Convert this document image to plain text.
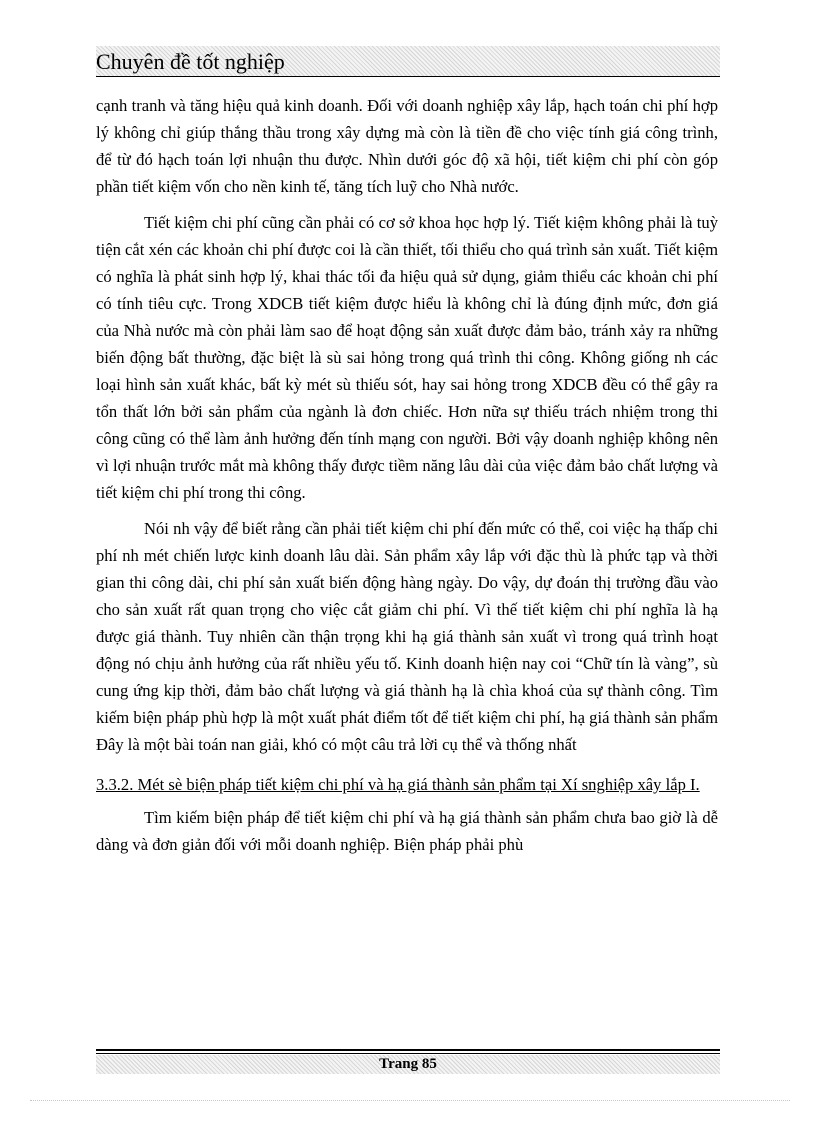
Chuyên đề tốt nghiệp

cạnh tranh và tăng hiệu quả kinh doanh. Đối với doanh nghiệp xây lắp, hạch toán chi phí hợp lý không chỉ giúp thắng thầu trong xây dựng mà còn là tiền đề cho việc tính giá công trình, để từ đó hạch toán lợi nhuận thu được. Nhìn dưới góc độ xã hội, tiết kiệm chi phí còn góp phần tiết kiệm vốn cho nền kinh tế, tăng tích luỹ cho Nhà nước.

Tiết kiệm chi phí cũng cần phải có cơ sở khoa học hợp lý. Tiết kiệm không phải là tuỳ tiện cắt xén các khoản chi phí được coi là cần thiết, tối thiểu cho quá trình sản xuất. Tiết kiệm có nghĩa là phát sinh hợp lý, khai thác tối đa hiệu quả sử dụng, giảm thiểu các khoản chi phí có tính tiêu cực. Trong XDCB tiết kiệm được hiểu là không chỉ là đúng định mức, đơn giá của Nhà nước mà còn phải làm sao để hoạt động sản xuất được đảm bảo, tránh xảy ra những biến động bất thường, đặc biệt là sù sai hỏng trong quá trình thi công. Không giống nh các loại hình sản xuất khác, bất kỳ mét sù thiếu sót, hay sai hỏng trong XDCB đều có thể gây ra tổn thất lớn bởi sản phẩm của ngành là đơn chiếc. Hơn nữa sự thiếu trách nhiệm trong thi công cũng có thể làm ảnh hưởng đến tính mạng con người. Bởi vậy doanh nghiệp không nên vì lợi nhuận trước mắt mà không thấy được tiềm năng lâu dài của việc đảm bảo chất lượng và tiết kiệm chi phí trong thi công.

Nói nh vậy để biết rằng cần phải tiết kiệm chi phí đến mức có thể, coi việc hạ thấp chi phí nh mét chiến lược kinh doanh lâu dài. Sản phẩm xây lắp với đặc thù là phức tạp và thời gian thi công dài, chi phí sản xuất biến động hàng ngày. Do vậy, dự đoán thị trường đầu vào cho sản xuất rất quan trọng cho việc cắt giảm chi phí. Vì thế tiết kiệm chi phí nghĩa là hạ được giá thành. Tuy nhiên cần thận trọng khi hạ giá thành sản xuất vì trong quá trình hoạt động nó chịu ảnh hưởng của rất nhiều yếu tố. Kinh doanh hiện nay coi “Chữ tín là vàng”, sù cung ứng kịp thời, đảm bảo chất lượng và giá thành hạ là chìa khoá của sự thành công. Tìm kiếm biện pháp phù hợp là một xuất phát điểm tốt để tiết kiệm chi phí, hạ giá thành sản phẩm Đây là một bài toán nan giải, khó có một câu trả lời cụ thể và thống nhất

3.3.2. Mét sè biện pháp tiết kiệm chi phí và hạ giá thành sản phẩm tại Xí snghiệp xây lắp I.

Tìm kiếm biện pháp để tiết kiệm chi phí và hạ giá thành sản phẩm chưa bao giờ là dễ dàng và đơn giản đối với mỗi doanh nghiệp. Biện pháp phải phù

Trang 85
